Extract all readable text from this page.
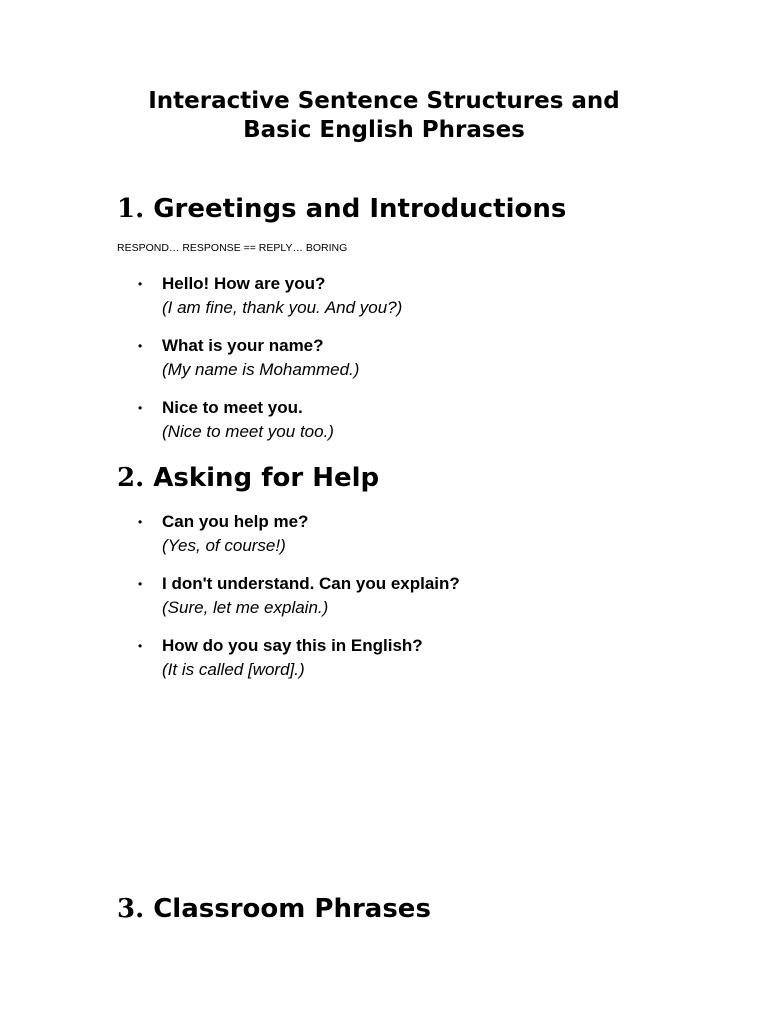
Interactive Sentence Structures and
Basic English Phrases
1. Greetings and Introductions

RESPOND… RESPONSE == REPLY… BORING

• Hello! How are you?
(I am fine, thank you. And you?)
• What is your name?
(My name is Mohammed.)
• Nice to meet you.
(Nice to meet you too.)
2. Asking for Help
• Can you help me?
(Yes, of course!)
• I don't understand. Can you explain?
(Sure, let me explain.)
• How do you say this in English?
(It is called [word].)
3. Classroom Phrases
